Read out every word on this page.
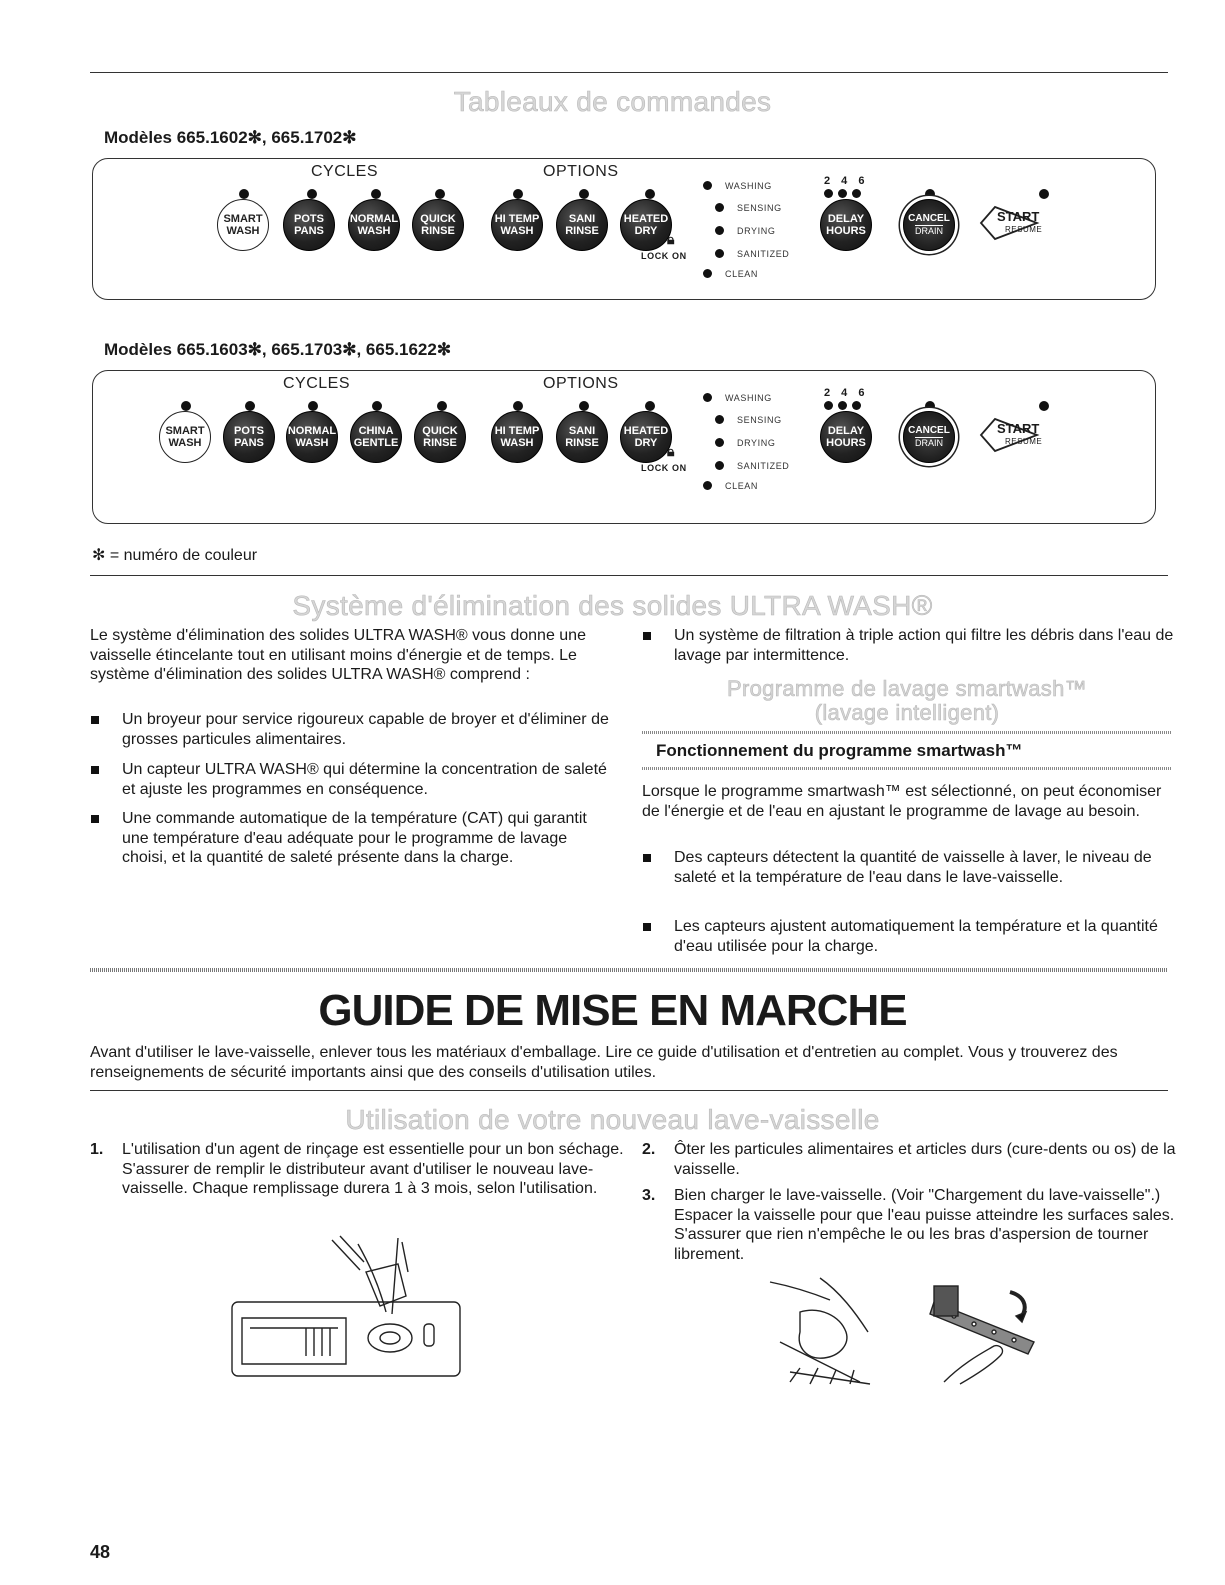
Tableaux de commandes
Modèles 665.1602✻, 665.1702✻
CYCLES	OPTIONS
SMART
WASH
POTS
PANS
NORMAL
WASH
QUICK
RINSE
HI TEMP
WASH
SANI
RINSE
HEATED
DRY 🔒︎
LOCK ON
WASHING
SENSING
DRYING
SANITIZED
CLEAN
2 4 6
DELAY
HOURS
CANCEL
DRAIN
START
RESUME
Modèles 665.1603✻, 665.1703✻, 665.1622✻
CYCLES	OPTIONS
SMART
WASH
POTS
PANS
NORMAL
WASH
CHINA
GENTLE
QUICK
RINSE
HI TEMP
WASH
SANI
RINSE
HEATED
DRY 🔒︎
LOCK ON
WASHING
SENSING
DRYING
SANITIZED
CLEAN
2 4 6
DELAY
HOURS
CANCEL
DRAIN
START
RESUME
✻ = numéro de couleur
Système d'élimination des solides ULTRA WASH®
Le système d'élimination des solides ULTRA WASH® vous donne une vaisselle étincelante tout en utilisant moins d'énergie et de temps. Le système d'élimination des solides ULTRA WASH® comprend :
Un broyeur pour service rigoureux capable de broyer et d'éliminer de grosses particules alimentaires.
Un capteur ULTRA WASH® qui détermine la concentration de saleté et ajuste les programmes en conséquence.
Une commande automatique de la température (CAT) qui garantit une température d'eau adéquate pour le programme de lavage choisi, et la quantité de saleté présente dans la charge.
Un système de filtration à triple action qui filtre les débris dans l'eau de lavage par intermittence.
Programme de lavage smartwash™
(lavage intelligent)
Fonctionnement du programme smartwash™
Lorsque le programme smartwash™ est sélectionné, on peut économiser de l'énergie et de l'eau en ajustant le programme de lavage au besoin.
Des capteurs détectent la quantité de vaisselle à laver, le niveau de saleté et la température de l'eau dans le lave-vaisselle.
Les capteurs ajustent automatiquement la température et la quantité d'eau utilisée pour la charge.
GUIDE DE MISE EN MARCHE
Avant d'utiliser le lave-vaisselle, enlever tous les matériaux d'emballage. Lire ce guide d'utilisation et d'entretien au complet. Vous y trouverez des renseignements de sécurité importants ainsi que des conseils d'utilisation utiles.
Utilisation de votre nouveau lave-vaisselle
1. L'utilisation d'un agent de rinçage est essentielle pour un bon séchage. S'assurer de remplir le distributeur avant d'utiliser le nouveau lave-vaisselle. Chaque remplissage durera 1 à 3 mois, selon l'utilisation.
2. Ôter les particules alimentaires et articles durs (cure-dents ou os) de la vaisselle.
3. Bien charger le lave-vaisselle. (Voir "Chargement du lave-vaisselle".) Espacer la vaisselle pour que l'eau puisse atteindre les surfaces sales. S'assurer que rien n'empêche le ou les bras d'aspersion de tourner librement.
48
